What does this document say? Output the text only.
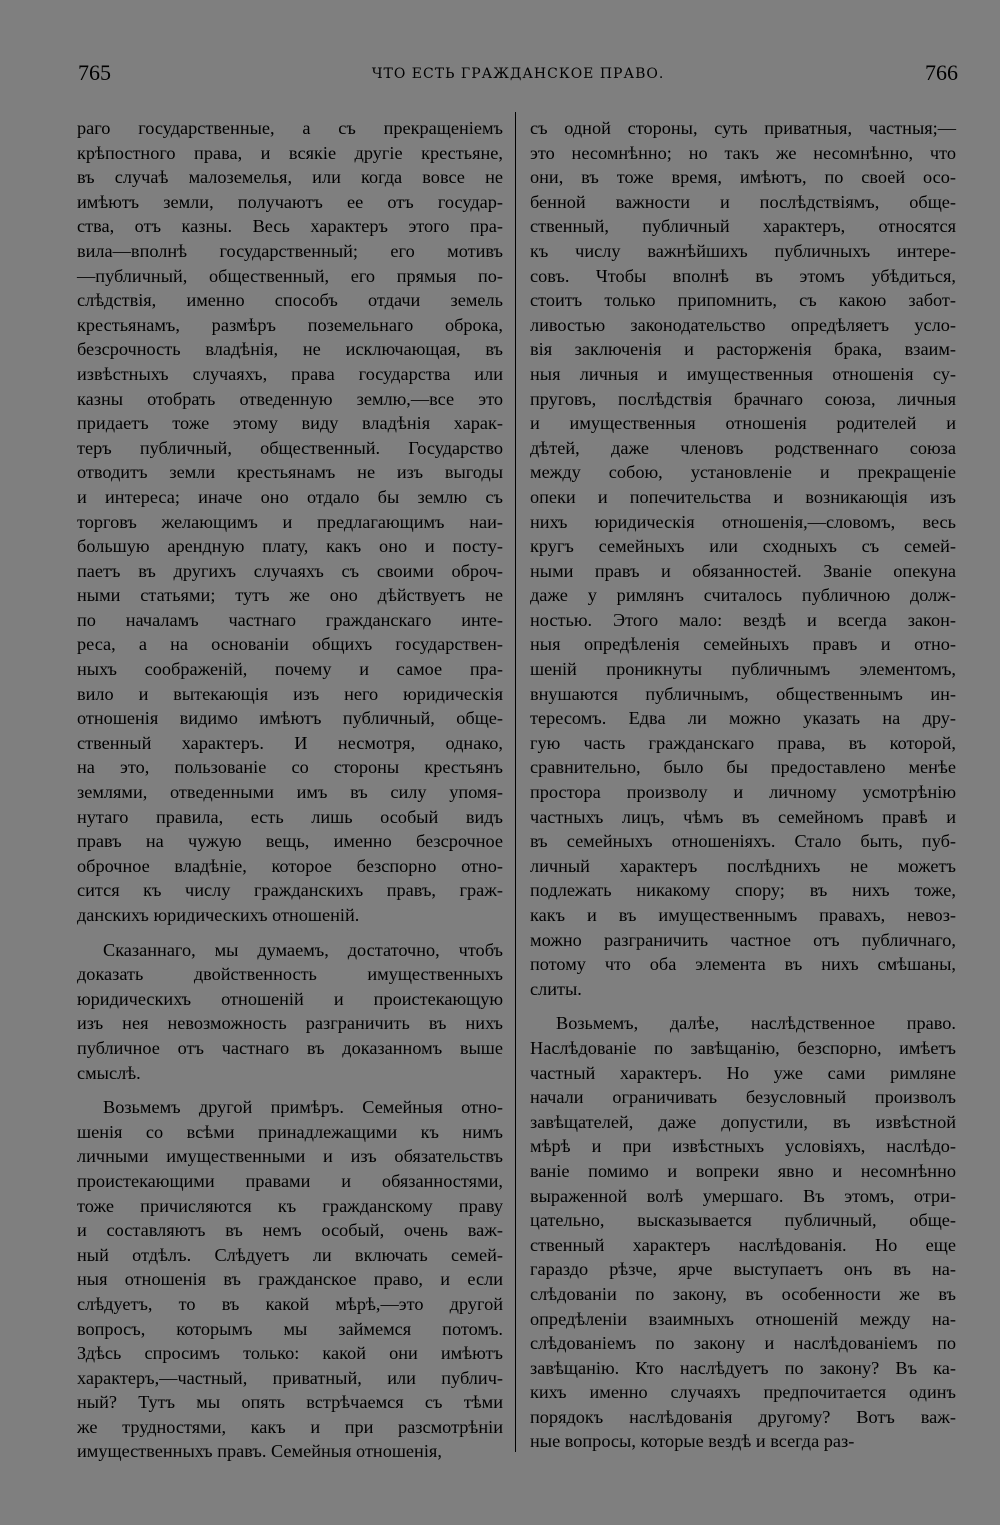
765	ЧТО ЕСТЬ ГРАЖДАНСКОЕ ПРАВО.	766
раго государственные, а съ прекращеніемъ
крѣпостного права, и всякіе другіе крестьяне,
въ случаѣ малоземелья, или когда вовсе не
имѣютъ земли, получаютъ ее отъ государ-
ства, отъ казны. Весь характеръ этого пра-
вила—вполнѣ государственный; его мотивъ
—публичный, общественный, его прямыя по-
слѣдствія, именно способъ отдачи земель
крестьянамъ, размѣръ поземельнаго оброка,
безсрочность владѣнія, не исключающая, въ
извѣстныхъ случаяхъ, права государства или
казны отобрать отведенную землю,—все это
придаетъ тоже этому виду владѣнія харак-
теръ публичный, общественный. Государство
отводитъ земли крестьянамъ не изъ выгоды
и интереса; иначе оно отдало бы землю съ
торговъ желающимъ и предлагающимъ наи-
большую арендную плату, какъ оно и посту-
паетъ въ другихъ случаяхъ съ своими оброч-
ными статьями; тутъ же оно дѣйствуетъ не
по началамъ частнаго гражданскаго инте-
реса, а на основаніи общихъ государствен-
ныхъ соображеній, почему и самое пра-
вило и вытекающія изъ него юридическія
отношенія видимо имѣютъ публичный, обще-
ственный характеръ. И несмотря, однако,
на это, пользованіе со стороны крестьянъ
землями, отведенными имъ въ силу упомя-
нутаго правила, есть лишь особый видъ
правъ на чужую вещь, именно безсрочное
оброчное владѣніе, которое безспорно отно-
сится къ числу гражданскихъ правъ, граж-
данскихъ юридическихъ отношеній.
Сказаннаго, мы думаемъ, достаточно, чтобъ
доказать двойственность имущественныхъ
юридическихъ отношеній и проистекающую
изъ нея невозможность разграничить въ нихъ
публичное отъ частнаго въ доказанномъ выше
смыслѣ.
Возьмемъ другой примѣръ. Семейныя отно-
шенія со всѣми принадлежащими къ нимъ
личными имущественными и изъ обязательствъ
проистекающими правами и обязанностями,
тоже причисляются къ гражданскому праву
и составляютъ въ немъ особый, очень важ-
ный отдѣлъ. Слѣдуетъ ли включать семей-
ныя отношенія въ гражданское право, и если
слѣдуетъ, то въ какой мѣрѣ,—это другой
вопросъ, которымъ мы займемся потомъ.
Здѣсь спросимъ только: какой они имѣютъ
характеръ,—частный, приватный, или публич-
ный? Тутъ мы опять встрѣчаемся съ тѣми
же трудностями, какъ и при разсмотрѣніи
имущественныхъ правъ. Семейныя отношенія,
съ одной стороны, суть приватныя, частныя;—
это несомнѣнно; но такъ же несомнѣнно, что
они, въ тоже время, имѣютъ, по своей осо-
бенной важности и послѣдствіямъ, обще-
ственный, публичный характеръ, относятся
къ числу важнѣйшихъ публичныхъ интере-
совъ. Чтобы вполнѣ въ этомъ убѣдиться,
стоитъ только припомнить, съ какою забот-
ливостью законодательство опредѣляетъ усло-
вія заключенія и расторженія брака, взаим-
ныя личныя и имущественныя отношенія су-
пруговъ, послѣдствія брачнаго союза, личныя
и имущественныя отношенія родителей и
дѣтей, даже членовъ родственнаго союза
между собою, установленіе и прекращеніе
опеки и попечительства и возникающія изъ
нихъ юридическія отношенія,—словомъ, весь
кругъ семейныхъ или сходныхъ съ семей-
ными правъ и обязанностей. Званіе опекуна
даже у римлянъ считалось публичною долж-
ностью. Этого мало: вездѣ и всегда закон-
ныя опредѣленія семейныхъ правъ и отно-
шеній проникнуты публичнымъ элементомъ,
внушаются публичнымъ, общественнымъ ин-
тересомъ. Едва ли можно указать на дру-
гую часть гражданскаго права, въ которой,
сравнительно, было бы предоставлено менѣе
простора произволу и личному усмотрѣнію
частныхъ лицъ, чѣмъ въ семейномъ правѣ и
въ семейныхъ отношеніяхъ. Стало быть, пуб-
личный характеръ послѣднихъ не можетъ
подлежать никакому спору; въ нихъ тоже,
какъ и въ имущественнымъ правахъ, невоз-
можно разграничить частное отъ публичнаго,
потому что оба элемента въ нихъ смѣшаны,
слиты.
Возьмемъ, далѣе, наслѣдственное право.
Наслѣдованіе по завѣщанію, безспорно, имѣетъ
частный характеръ. Но уже сами римляне
начали ограничивать безусловный произволъ
завѣщателей, даже допустили, въ извѣстной
мѣрѣ и при извѣстныхъ условіяхъ, наслѣдо-
ваніе помимо и вопреки явно и несомнѣнно
выраженной волѣ умершаго. Въ этомъ, отри-
цательно, высказывается публичный, обще-
ственный характеръ наслѣдованія. Но еще
гараздо рѣзче, ярче выступаетъ онъ въ на-
слѣдованіи по закону, въ особенности же въ
опредѣленіи взаимныхъ отношеній между на-
слѣдованіемъ по закону и наслѣдованіемъ по
завѣщанію. Кто наслѣдуетъ по закону? Въ ка-
кихъ именно случаяхъ предпочитается одинъ
порядокъ наслѣдованія другому? Вотъ важ-
ные вопросы, которые вездѣ и всегда раз-
